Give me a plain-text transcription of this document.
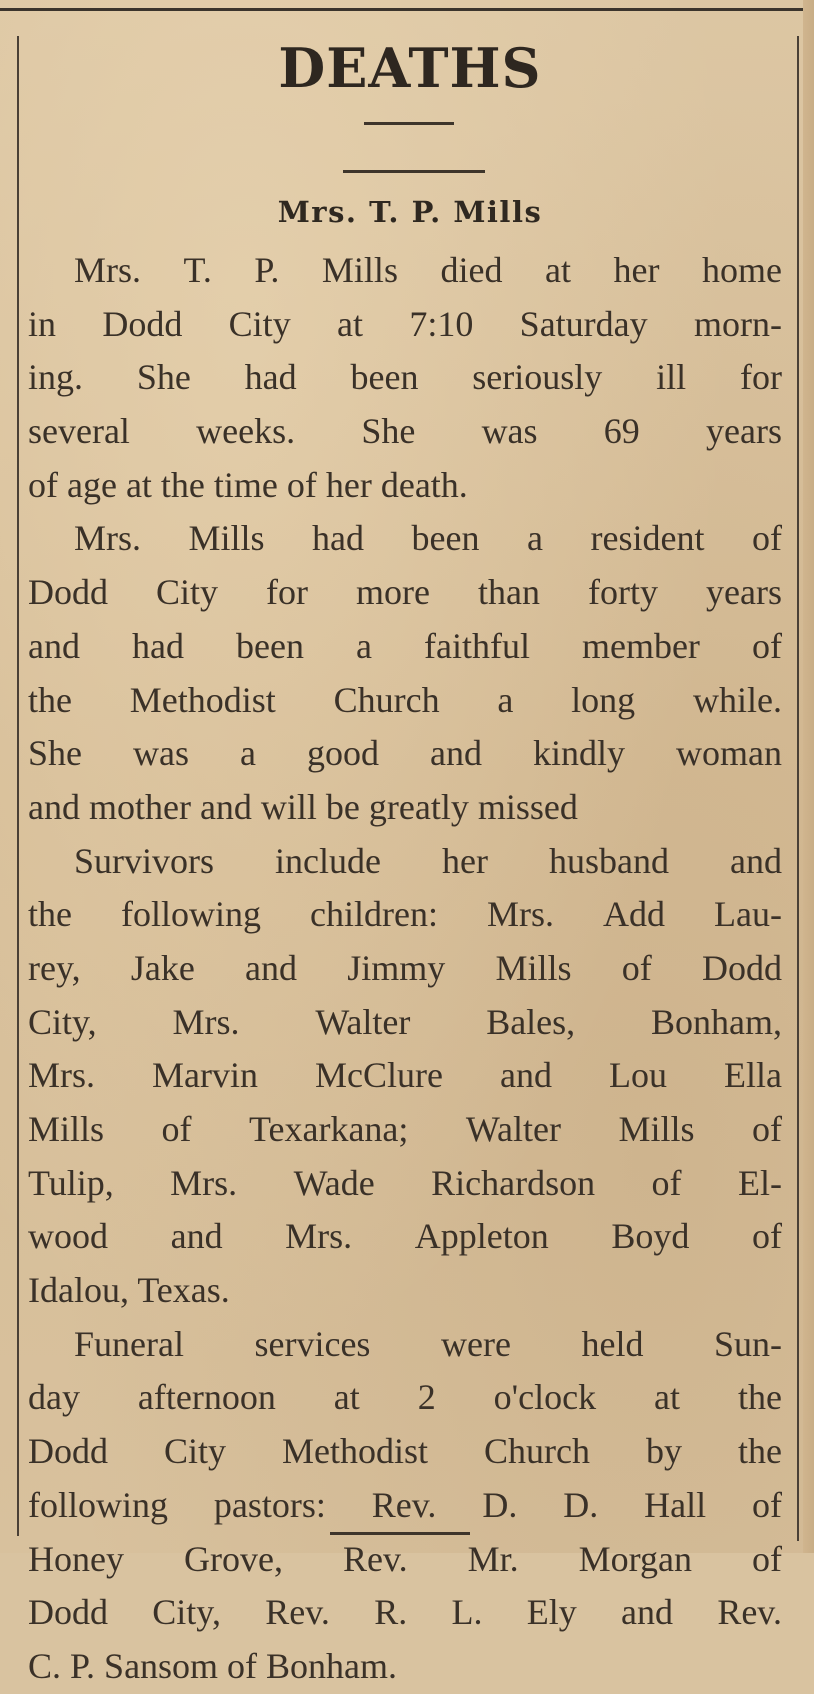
DEATHS
Mrs. T. P. Mills
Mrs. T. P. Mills died at her home
in Dodd City at 7:10 Saturday morn-
ing. She had been seriously ill for
several weeks. She was 69 years
of age at the time of her death.
Mrs. Mills had been a resident of
Dodd City for more than forty years
and had been a faithful member of
the Methodist Church a long while.
She was a good and kindly woman
and mother and will be greatly missed
Survivors include her husband and
the following children: Mrs. Add Lau-
rey, Jake and Jimmy Mills of Dodd
City, Mrs. Walter Bales, Bonham,
Mrs. Marvin McClure and Lou Ella
Mills of Texarkana; Walter Mills of
Tulip, Mrs. Wade Richardson of El-
wood and Mrs. Appleton Boyd of
Idalou, Texas.
Funeral services were held Sun-
day afternoon at 2 o'clock at the
Dodd City Methodist Church by the
following pastors: Rev. D. D. Hall of
Honey Grove, Rev. Mr. Morgan of
Dodd City, Rev. R. L. Ely and Rev.
C. P. Sansom of Bonham.
